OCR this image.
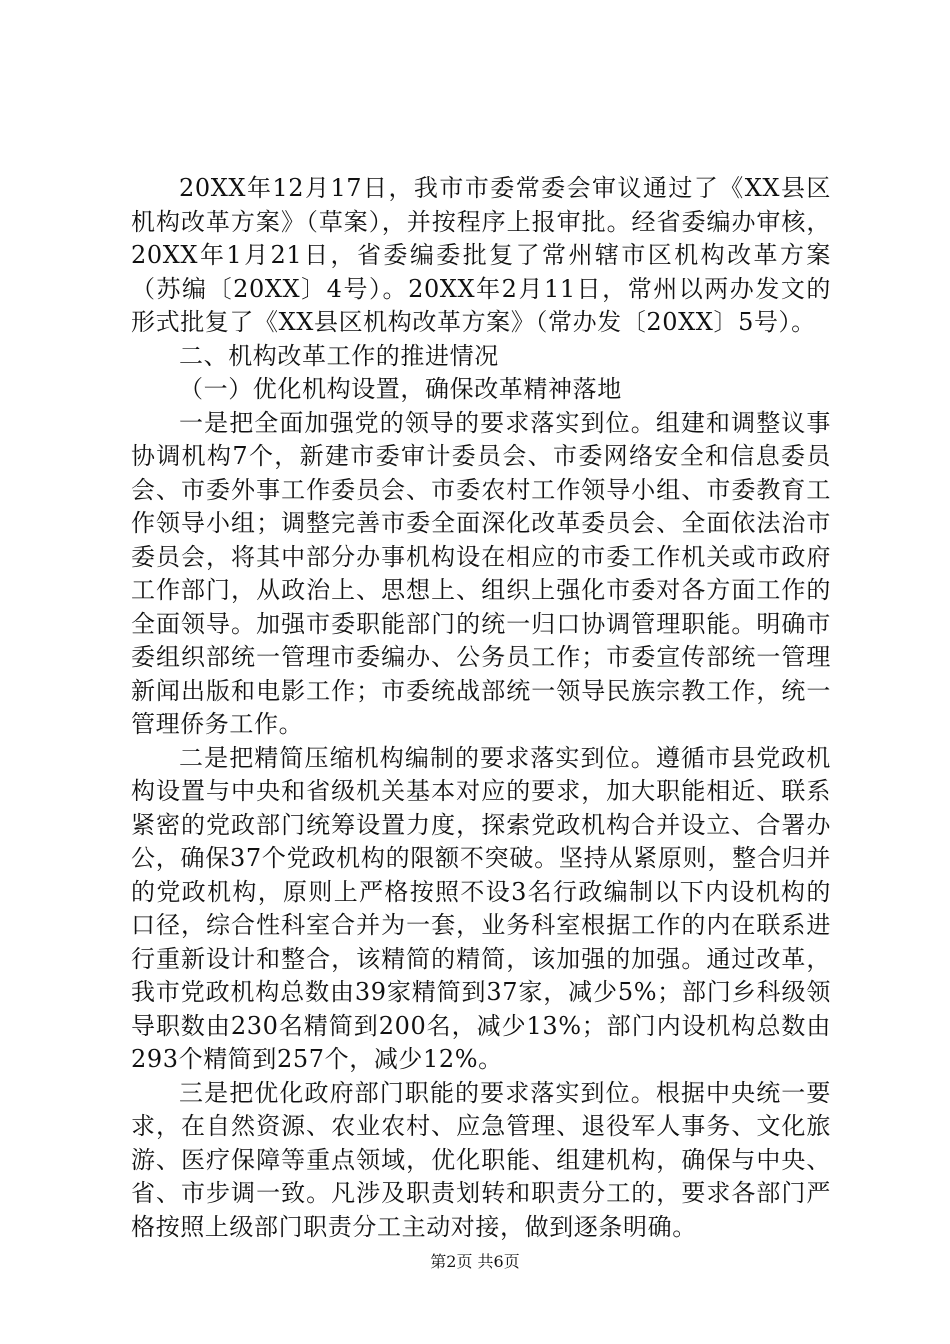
20XX年12月17日，我市市委常委会审议通过了《XX县区机构改革方案》（草案），并按程序上报审批。经省委编办审核，20XX年1月21日，省委编委批复了常州辖市区机构改革方案（苏编〔20XX〕4号）。20XX年2月11日，常州以两办发文的形式批复了《XX县区机构改革方案》（常办发〔20XX〕5号）。

二、机构改革工作的推进情况

（一）优化机构设置，确保改革精神落地

一是把全面加强党的领导的要求落实到位。组建和调整议事协调机构7个，新建市委审计委员会、市委网络安全和信息委员会、市委外事工作委员会、市委农村工作领导小组、市委教育工作领导小组；调整完善市委全面深化改革委员会、全面依法治市委员会，将其中部分办事机构设在相应的市委工作机关或市政府工作部门，从政治上、思想上、组织上强化市委对各方面工作的全面领导。加强市委职能部门的统一归口协调管理职能。明确市委组织部统一管理市委编办、公务员工作；市委宣传部统一管理新闻出版和电影工作；市委统战部统一领导民族宗教工作，统一管理侨务工作。

二是把精简压缩机构编制的要求落实到位。遵循市县党政机构设置与中央和省级机关基本对应的要求，加大职能相近、联系紧密的党政部门统筹设置力度，探索党政机构合并设立、合署办公，确保37个党政机构的限额不突破。坚持从紧原则，整合归并的党政机构，原则上严格按照不设3名行政编制以下内设机构的口径，综合性科室合并为一套，业务科室根据工作的内在联系进行重新设计和整合，该精简的精简，该加强的加强。通过改革，我市党政机构总数由39家精简到37家，减少5%；部门乡科级领导职数由230名精简到200名，减少13%；部门内设机构总数由293个精简到257个，减少12%。

三是把优化政府部门职能的要求落实到位。根据中央统一要求，在自然资源、农业农村、应急管理、退役军人事务、文化旅游、医疗保障等重点领域，优化职能、组建机构，确保与中央、省、市步调一致。凡涉及职责划转和职责分工的，要求各部门严格按照上级部门职责分工主动对接，做到逐条明确。

第2页 共6页
